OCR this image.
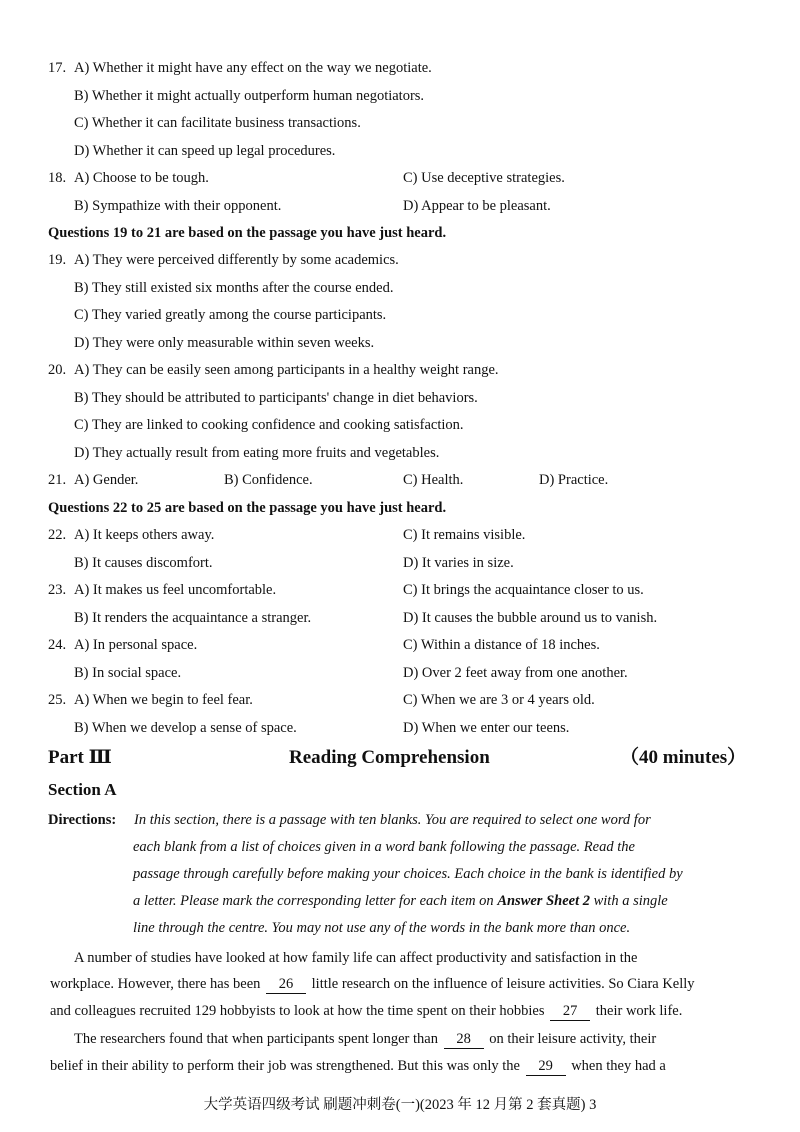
17. A) Whether it might have any effect on the way we negotiate.
B) Whether it might actually outperform human negotiators.
C) Whether it can facilitate business transactions.
D) Whether it can speed up legal procedures.
18. A) Choose to be tough.	C) Use deceptive strategies.
B) Sympathize with their opponent.	D) Appear to be pleasant.
Questions 19 to 21 are based on the passage you have just heard.
19. A) They were perceived differently by some academics.
B) They still existed six months after the course ended.
C) They varied greatly among the course participants.
D) They were only measurable within seven weeks.
20. A) They can be easily seen among participants in a healthy weight range.
B) They should be attributed to participants' change in diet behaviors.
C) They are linked to cooking confidence and cooking satisfaction.
D) They actually result from eating more fruits and vegetables.
21. A) Gender.	B) Confidence.	C) Health.	D) Practice.
Questions 22 to 25 are based on the passage you have just heard.
22. A) It keeps others away.	C) It remains visible.
B) It causes discomfort.	D) It varies in size.
23. A) It makes us feel uncomfortable.	C) It brings the acquaintance closer to us.
B) It renders the acquaintance a stranger.	D) It causes the bubble around us to vanish.
24. A) In personal space.	C) Within a distance of 18 inches.
B) In social space.	D) Over 2 feet away from one another.
25. A) When we begin to feel fear.	C) When we are 3 or 4 years old.
B) When we develop a sense of space.	D) When we enter our teens.
Part Ⅲ	Reading Comprehension	（40 minutes）
Section A
Directions: In this section, there is a passage with ten blanks. You are required to select one word for
each blank from a list of choices given in a word bank following the passage. Read the
passage through carefully before making your choices. Each choice in the bank is identified by
a letter. Please mark the corresponding letter for each item on Answer Sheet 2 with a single
line through the centre. You may not use any of the words in the bank more than once.
A number of studies have looked at how family life can affect productivity and satisfaction in the
workplace. However, there has been 26 little research on the influence of leisure activities. So Ciara Kelly
and colleagues recruited 129 hobbyists to look at how the time spent on their hobbies 27 their work life.
The researchers found that when participants spent longer than 28 on their leisure activity, their
belief in their ability to perform their job was strengthened. But this was only the 29 when they had a
大学英语四级考试 刷题冲刺卷(一)(2023 年 12 月第 2 套真题) 3
